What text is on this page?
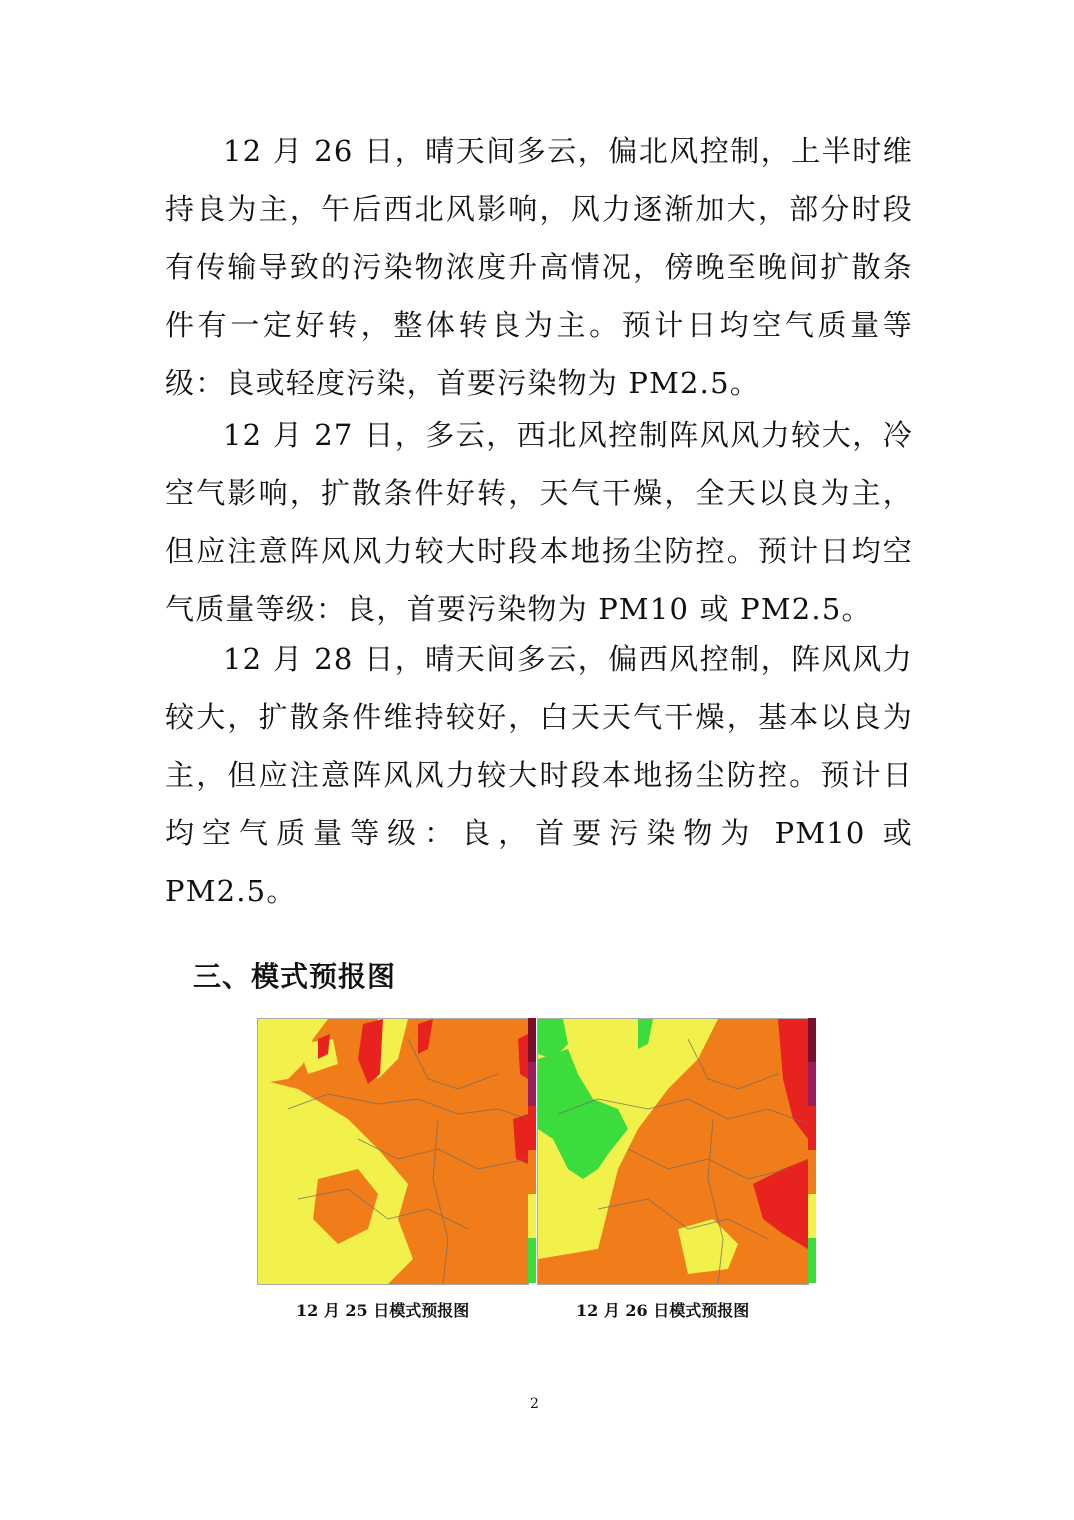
12 月 26 日，晴天间多云，偏北风控制，上半时维持良为主，午后西北风影响，风力逐渐加大，部分时段有传输导致的污染物浓度升高情况，傍晚至晚间扩散条件有一定好转，整体转良为主。预计日均空气质量等级：良或轻度污染，首要污染物为 PM2.5。

12 月 27 日，多云，西北风控制阵风风力较大，冷空气影响，扩散条件好转，天气干燥，全天以良为主，但应注意阵风风力较大时段本地扬尘防控。预计日均空气质量等级：良，首要污染物为 PM10 或 PM2.5。

12 月 28 日，晴天间多云，偏西风控制，阵风风力较大，扩散条件维持较好，白天天气干燥，基本以良为主，但应注意阵风风力较大时段本地扬尘防控。预计日均空气质量等级：良，首要污染物为 PM10 或 PM2.5。

三、模式预报图

12 月 25 日模式预报图	12 月 26 日模式预报图

2
